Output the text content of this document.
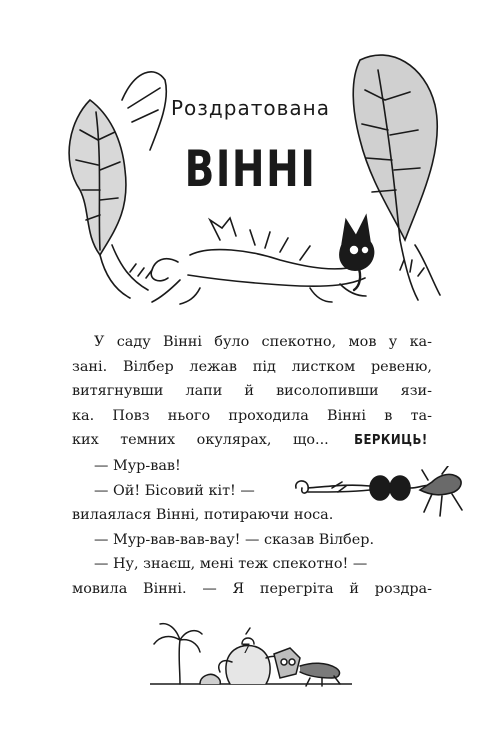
Роздратована
ВІННІ
У саду Вінні було спекотно, мов у ка-
зані. Вілбер лежав під листком ревеню,
витягнувши лапи й висолопивши язи-
ка. Повз нього проходила Вінні в та-
ких темних окулярах, що... БЕРКИЦЬ!
— Мур-вав!
— Ой! Бісовий кіт! —
вилаялася Вінні, потираючи носа.
— Мур-вав-вав-вау! — сказав Вілбер.
— Ну, знаєш, мені теж спекотно! —
мовила Вінні. — Я перегріта й роздра-
7
